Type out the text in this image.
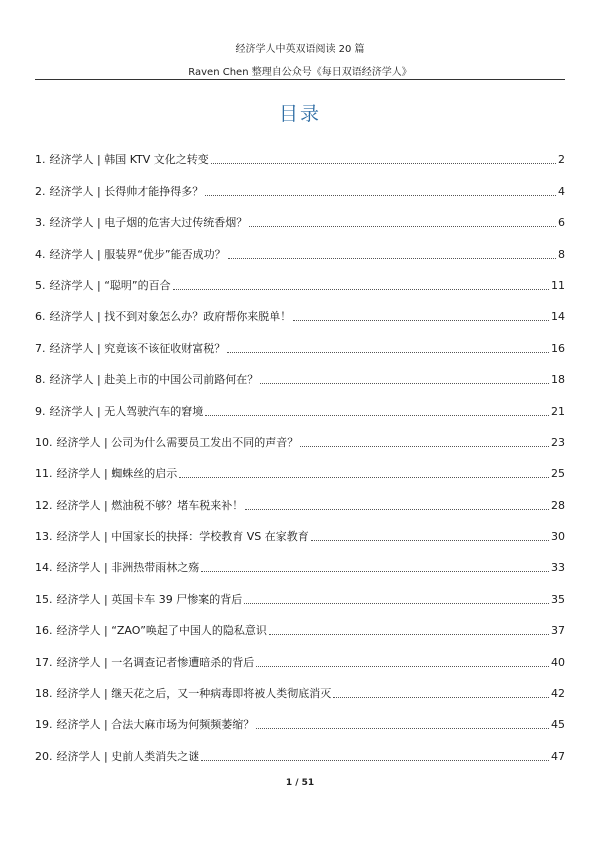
经济学人中英双语阅读 20 篇
Raven Chen 整理自公众号《每日双语经济学人》
目录
1. 经济学人 | 韩国 KTV 文化之转变	2
2. 经济学人 | 长得帅才能挣得多？	4
3. 经济学人 | 电子烟的危害大过传统香烟？	6
4. 经济学人 | 服装界“优步”能否成功？	8
5. 经济学人 | “聪明”的百合	11
6. 经济学人 | 找不到对象怎么办？政府帮你来脱单！	14
7. 经济学人 | 究竟该不该征收财富税？	16
8. 经济学人 | 赴美上市的中国公司前路何在？	18
9. 经济学人 | 无人驾驶汽车的窘境	21
10. 经济学人 | 公司为什么需要员工发出不同的声音？	23
11. 经济学人 | 蜘蛛丝的启示	25
12. 经济学人 | 燃油税不够？堵车税来补！	28
13. 经济学人 | 中国家长的抉择：学校教育 VS 在家教育	30
14. 经济学人 | 非洲热带雨林之殇	33
15. 经济学人 | 英国卡车 39 尸惨案的背后	35
16. 经济学人 | “ZAO”唤起了中国人的隐私意识	37
17. 经济学人 | 一名调查记者惨遭暗杀的背后	40
18. 经济学人 | 继天花之后，又一种病毒即将被人类彻底消灭	42
19. 经济学人 | 合法大麻市场为何频频萎缩？	45
20. 经济学人 | 史前人类消失之谜	47
1 / 51
